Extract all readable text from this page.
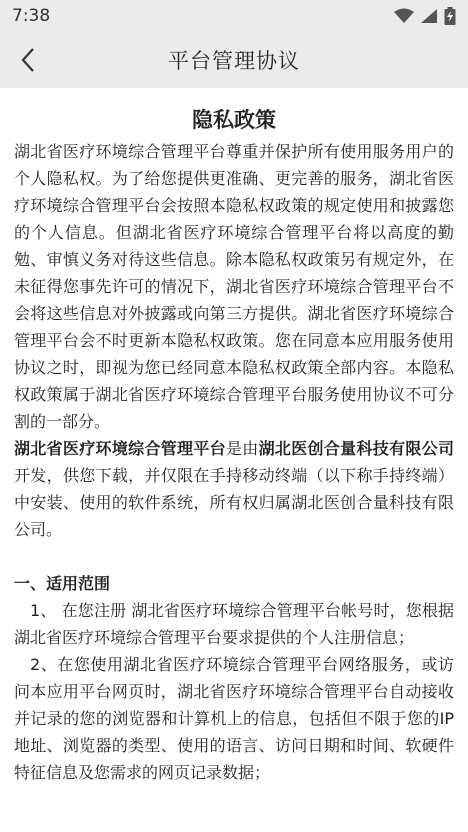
7:38
平台管理协议
隐私政策

湖北省医疗环境综合管理平台尊重并保护所有使用服务用户的个人隐私权。为了给您提供更准确、更完善的服务，湖北省医疗环境综合管理平台会按照本隐私权政策的规定使用和披露您的个人信息。但湖北省医疗环境综合管理平台将以高度的勤勉、审慎义务对待这些信息。除本隐私权政策另有规定外，在未征得您事先许可的情况下，湖北省医疗环境综合管理平台不会将这些信息对外披露或向第三方提供。湖北省医疗环境综合管理平台会不时更新本隐私权政策。您在同意本应用服务使用协议之时，即视为您已经同意本隐私权政策全部内容。本隐私权政策属于湖北省医疗环境综合管理平台服务使用协议不可分割的一部分。

湖北省医疗环境综合管理平台是由湖北医创合量科技有限公司开发，供您下载，并仅限在手持移动终端（以下称手持终端）中安装、使用的软件系统，所有权归属湖北医创合量科技有限公司。

一、适用范围

1、 在您注册 湖北省医疗环境综合管理平台帐号时，您根据湖北省医疗环境综合管理平台要求提供的个人注册信息；

2、在您使用湖北省医疗环境综合管理平台网络服务，或访问本应用平台网页时，湖北省医疗环境综合管理平台自动接收并记录的您的浏览器和计算机上的信息，包括但不限于您的IP地址、浏览器的类型、使用的语言、访问日期和时间、软硬件特征信息及您需求的网页记录数据；
